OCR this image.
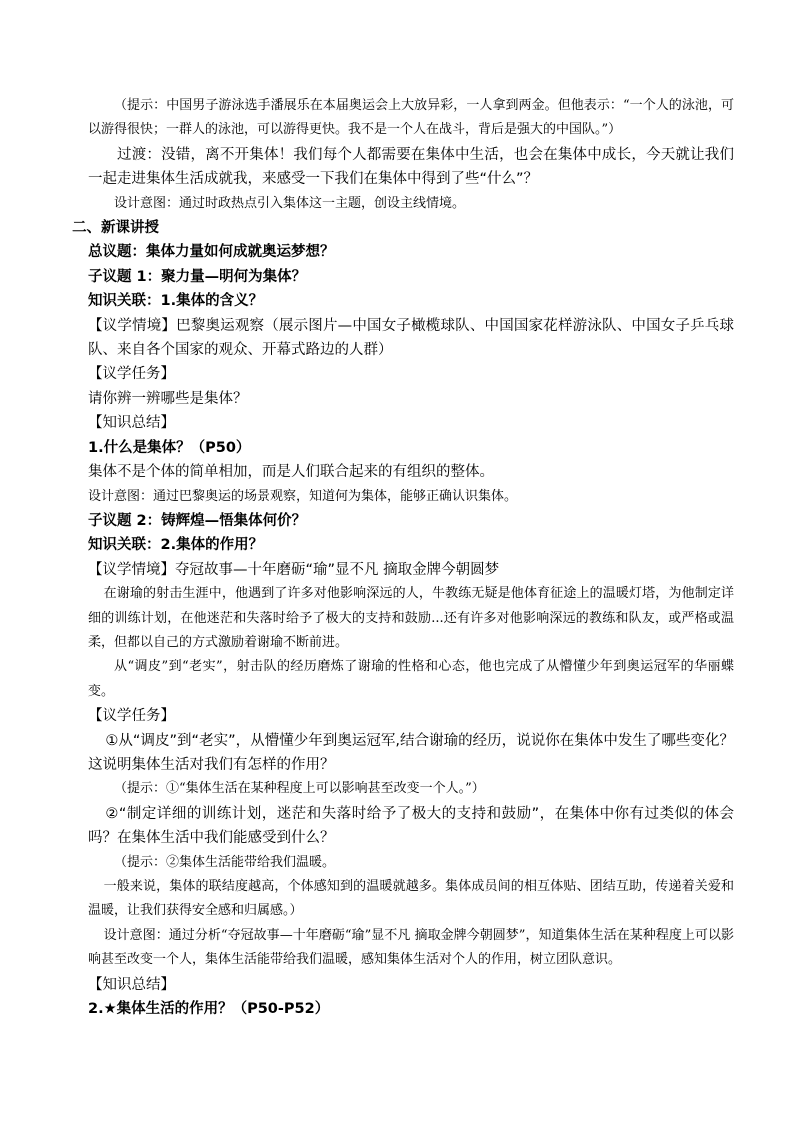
（提示：中国男子游泳选手潘展乐在本届奥运会上大放异彩，一人拿到两金。但他表示：“一个人的泳池，可以游得很快；一群人的泳池，可以游得更快。我不是一个人在战斗，背后是强大的中国队。”）

过渡：没错，离不开集体！我们每个人都需要在集体中生活，也会在集体中成长，今天就让我们一起走进集体生活成就我，来感受一下我们在集体中得到了些“什么”？

设计意图：通过时政热点引入集体这一主题，创设主线情境。

二、新课讲授

总议题：集体力量如何成就奥运梦想？

子议题 1：聚力量—明何为集体？

知识关联：1.集体的含义？

【议学情境】巴黎奥运观察（展示图片—中国女子橄榄球队、中国国家花样游泳队、中国女子乒乓球队、来自各个国家的观众、开幕式路边的人群）

【议学任务】

请你辨一辨哪些是集体？

【知识总结】

1.什么是集体？（P50）

集体不是个体的简单相加，而是人们联合起来的有组织的整体。

设计意图：通过巴黎奥运的场景观察，知道何为集体，能够正确认识集体。

子议题 2：铸辉煌—悟集体何价？

知识关联：2.集体的作用？

【议学情境】夺冠故事—十年磨砺“瑜”显不凡 摘取金牌今朝圆梦

在谢瑜的射击生涯中，他遇到了许多对他影响深远的人，牛教练无疑是他体育征途上的温暖灯塔，为他制定详细的训练计划，在他迷茫和失落时给予了极大的支持和鼓励...还有许多对他影响深远的教练和队友，或严格或温柔，但都以自己的方式激励着谢瑜不断前进。

从“调皮”到“老实”，射击队的经历磨炼了谢瑜的性格和心态，他也完成了从懵懂少年到奥运冠军的华丽蝶变。

【议学任务】

①从“调皮”到“老实”，从懵懂少年到奥运冠军,结合谢瑜的经历，说说你在集体中发生了哪些变化？这说明集体生活对我们有怎样的作用？

（提示：①“集体生活在某种程度上可以影响甚至改变一个人。”）

②“制定详细的训练计划，迷茫和失落时给予了极大的支持和鼓励”，在集体中你有过类似的体会吗？在集体生活中我们能感受到什么？

（提示：②集体生活能带给我们温暖。

一般来说，集体的联结度越高，个体感知到的温暖就越多。集体成员间的相互体贴、团结互助，传递着关爱和温暖，让我们获得安全感和归属感。）

设计意图：通过分析“夺冠故事—十年磨砺“瑜”显不凡 摘取金牌今朝圆梦”，知道集体生活在某种程度上可以影响甚至改变一个人，集体生活能带给我们温暖，感知集体生活对个人的作用，树立团队意识。

【知识总结】

2.★集体生活的作用？（P50-P52）
